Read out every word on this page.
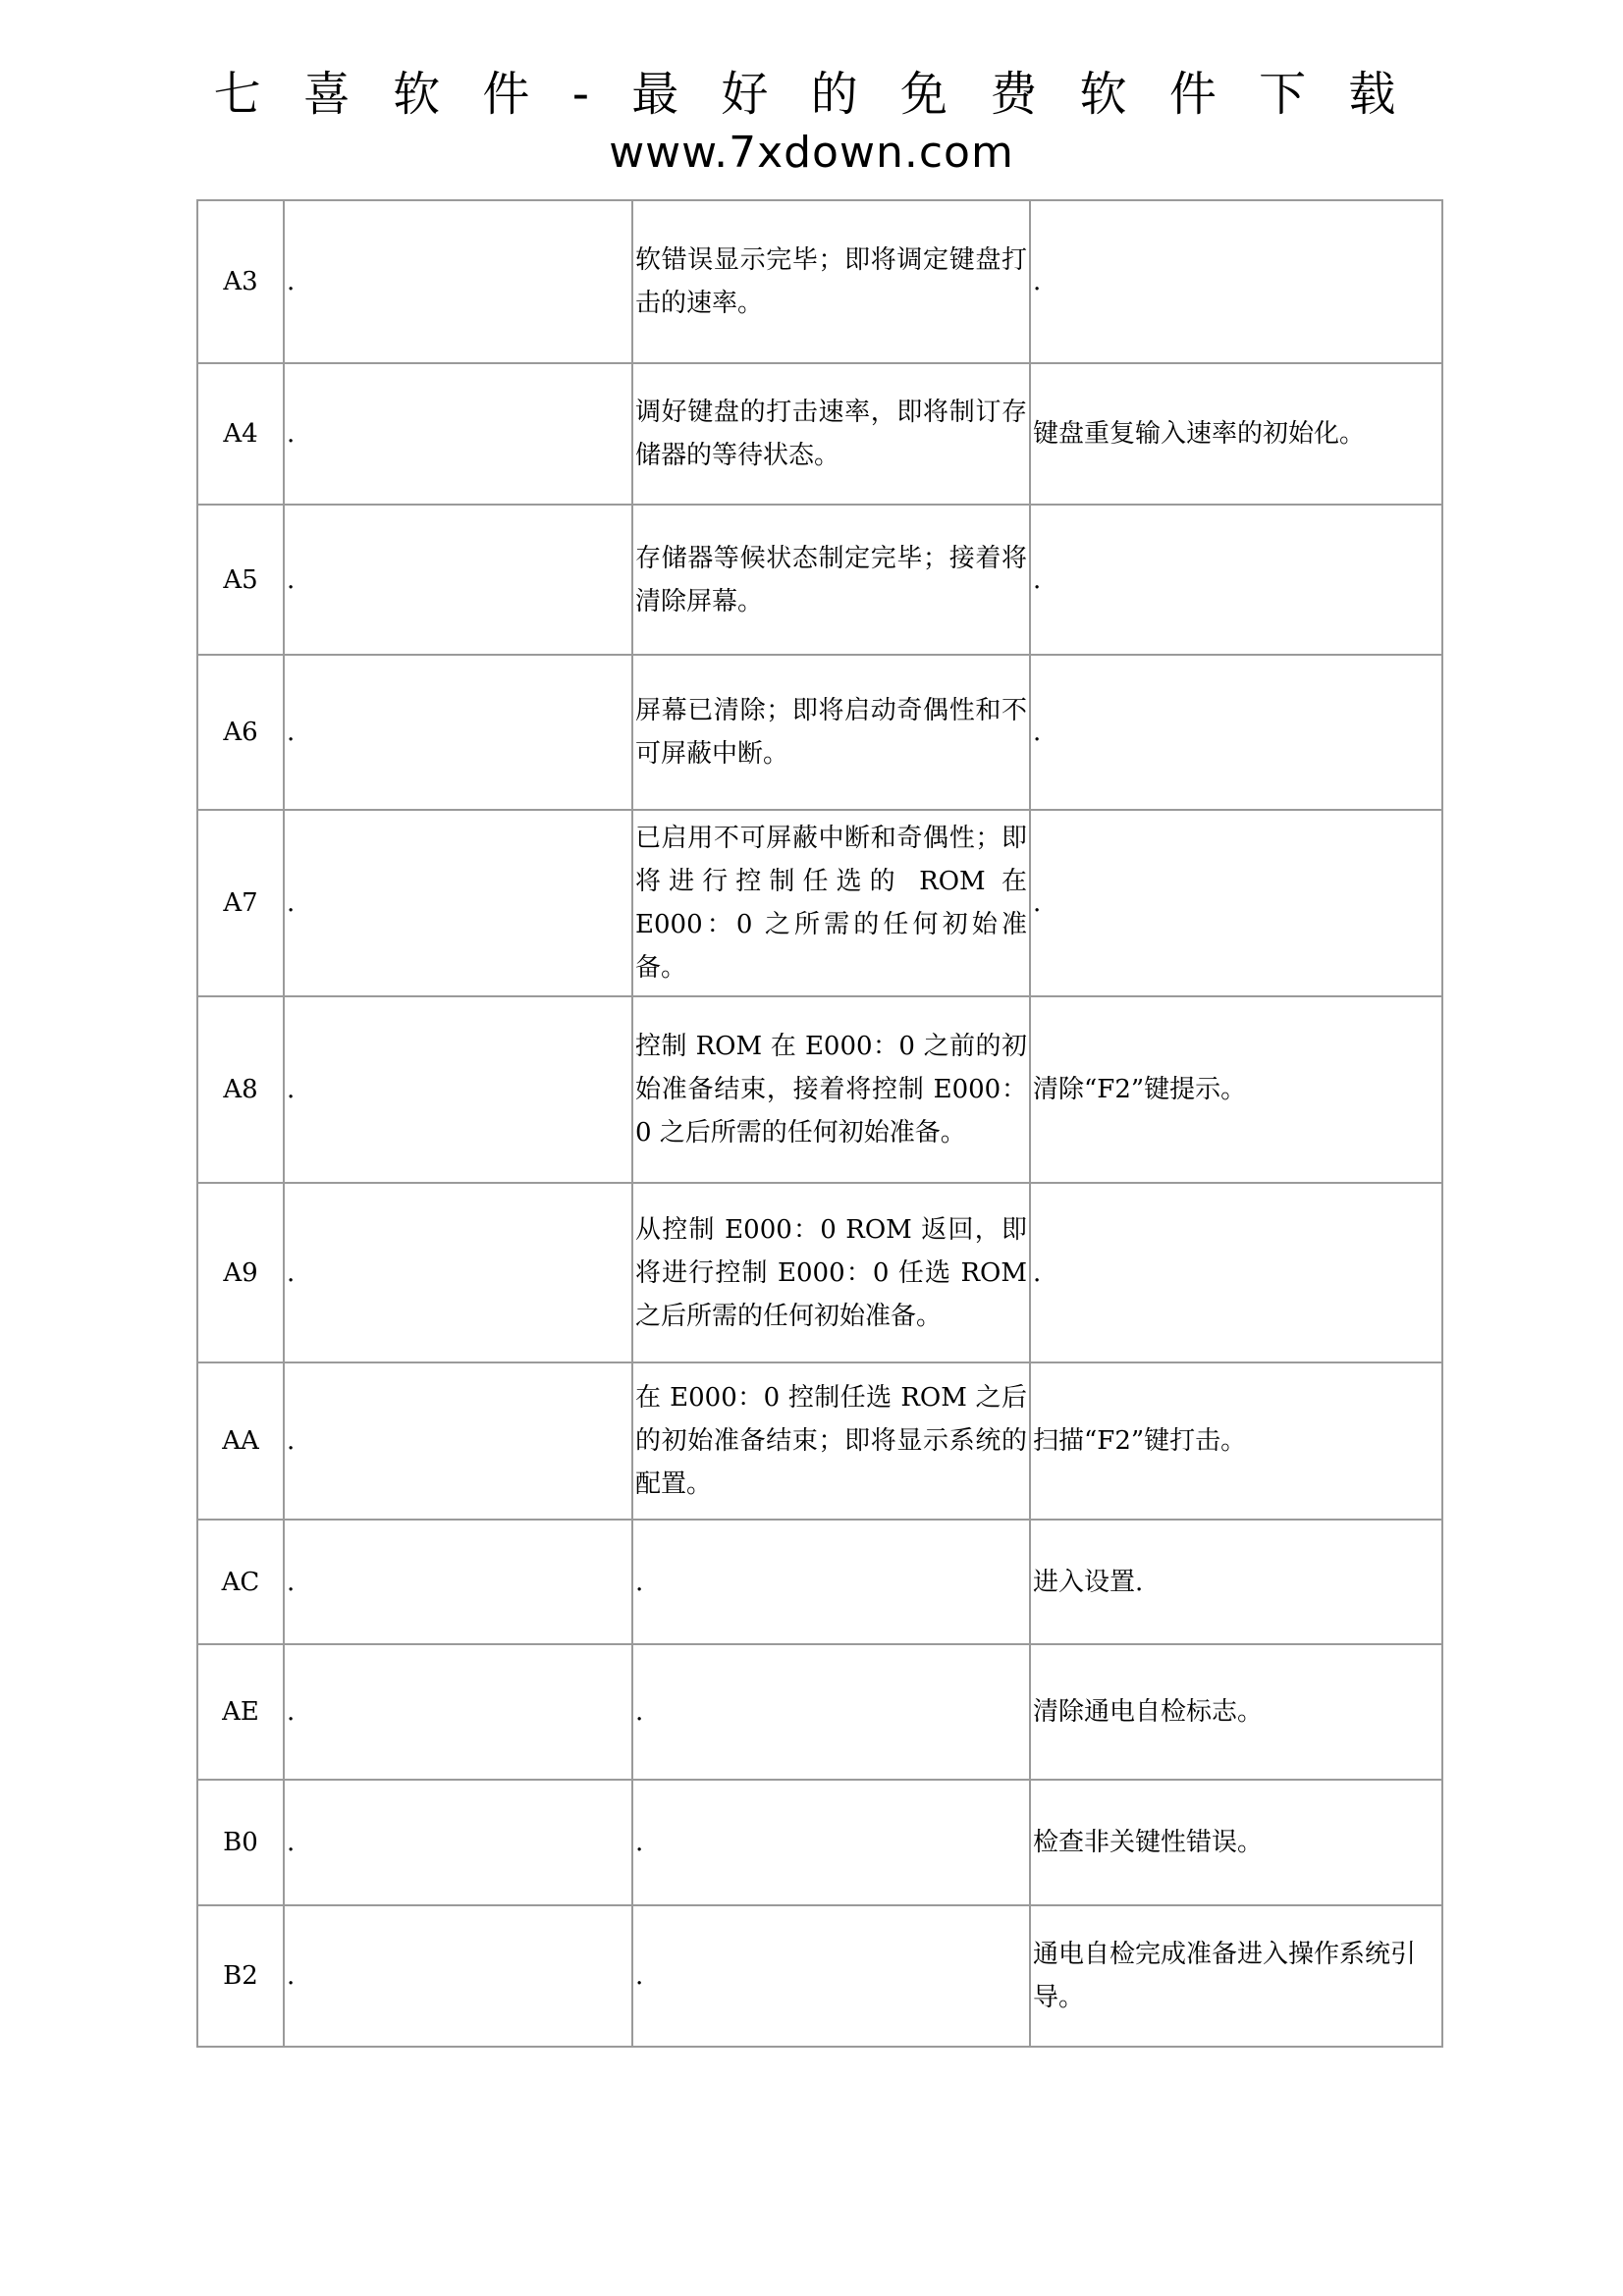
七 喜 软 件 - 最 好 的 免 费 软 件 下 载
www.7xdown.com
A3	.	软错误显示完毕；即将调定键盘打击的速率。	.
A4	.	调好键盘的打击速率，即将制订存储器的等待状态。	键盘重复输入速率的初始化。
A5	.	存储器等候状态制定完毕；接着将清除屏幕。	.
A6	.	屏幕已清除；即将启动奇偶性和不可屏蔽中断。	.
A7	.	已启用不可屏蔽中断和奇偶性；即将进行控制任选的 ROM 在 E000：0 之所需的任何初始准备。	.
A8	.	控制 ROM 在 E000：0 之前的初始准备结束，接着将控制 E000：0 之后所需的任何初始准备。	清除“F2”键提示。
A9	.	从控制 E000：0 ROM 返回，即将进行控制 E000：0 任选 ROM 之后所需的任何初始准备。	.
AA	.	在 E000：0 控制任选 ROM 之后的初始准备结束；即将显示系统的配置。	扫描“F2”键打击。
AC	.	.	进入设置.
AE	.	.	清除通电自检标志。
B0	.	.	检查非关键性错误。
B2	.	.	通电自检完成准备进入操作系统引导。
